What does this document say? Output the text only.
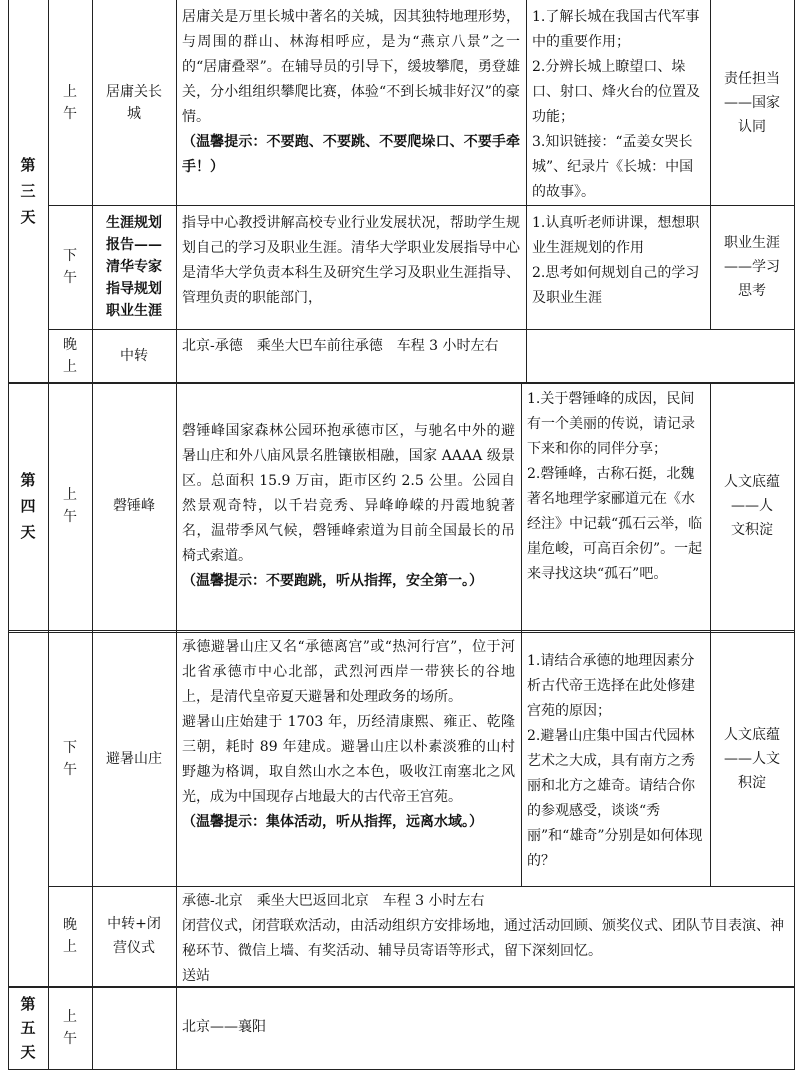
第
三
天
上
午
居庸关长
城

居庸关是万里长城中著名的关城，因其独特地理形势，与周围的群山、林海相呼应，是为“燕京八景”之一的“居庸叠翠”。在辅导员的引导下，缓坡攀爬，勇登雄关，分小组组织攀爬比赛，体验“不到长城非好汉”的豪情。

（温馨提示：不要跑、不要跳、不要爬垛口、不要手牵手！）

1.了解长城在我国古代军事中的重要作用；
2.分辨长城上瞭望口、垛口、射口、烽火台的位置及功能；
3.知识链接：“孟姜女哭长城”、纪录片《长城：中国的故事》。
责任担当
——国家
认同
下
午
生涯规划
报告——
清华专家
指导规划
职业生涯
指导中心教授讲解高校专业行业发展状况，帮助学生规划自己的学习及职业生涯。清华大学职业发展指导中心是清华大学负责本科生及研究生学习及职业生涯指导、管理负责的职能部门，
1.认真听老师讲课，想想职业生涯规划的作用
2.思考如何规划自己的学习及职业生涯
职业生涯
——学习
思考
晚
上
中转
北京-承德　乘坐大巴车前往承德　车程 3 小时左右
第
四
天
上
午
磬锤峰

磬锤峰国家森林公园环抱承德市区，与驰名中外的避暑山庄和外八庙风景名胜镶嵌相融，国家 AAAA 级景区。总面积 15.9 万亩，距市区约 2.5 公里。公园自然景观奇特，以千岩竞秀、异峰峥嵘的丹霞地貌著名，温带季风气候，磬锤峰索道为目前全国最长的吊椅式索道。

（温馨提示：不要跑跳，听从指挥，安全第一。）

1.关于磬锤峰的成因，民间有一个美丽的传说，请记录下来和你的同伴分享；
2.磬锤峰，古称石挺，北魏著名地理学家郦道元在《水经注》中记载“孤石云举，临崖危峻，可高百余仞”。一起来寻找这块“孤石”吧。
人文底蕴
——人
文积淀
下
午
避暑山庄

承德避暑山庄又名“承德离宫”或“热河行宫”，位于河北省承德市中心北部，武烈河西岸一带狭长的谷地上，是清代皇帝夏天避暑和处理政务的场所。

避暑山庄始建于 1703 年，历经清康熙、雍正、乾隆三朝，耗时 89 年建成。避暑山庄以朴素淡雅的山村野趣为格调，取自然山水之本色，吸收江南塞北之风光，成为中国现存占地最大的古代帝王宫苑。

（温馨提示：集体活动，听从指挥，远离水域。）

1.请结合承德的地理因素分析古代帝王选择在此处修建宫苑的原因；
2.避暑山庄集中国古代园林艺术之大成，具有南方之秀丽和北方之雄奇。请结合你的参观感受，谈谈“秀丽”和“雄奇”分别是如何体现的？
人文底蕴
——人文
积淀
晚
上
中转+闭
营仪式
承德-北京　乘坐大巴返回北京　车程 3 小时左右
闭营仪式，闭营联欢活动，由活动组织方安排场地，通过活动回顾、颁奖仪式、团队节目表演、神秘环节、微信上墙、有奖活动、辅导员寄语等形式，留下深刻回忆。
送站
第
五
天
上
午
北京——襄阳
